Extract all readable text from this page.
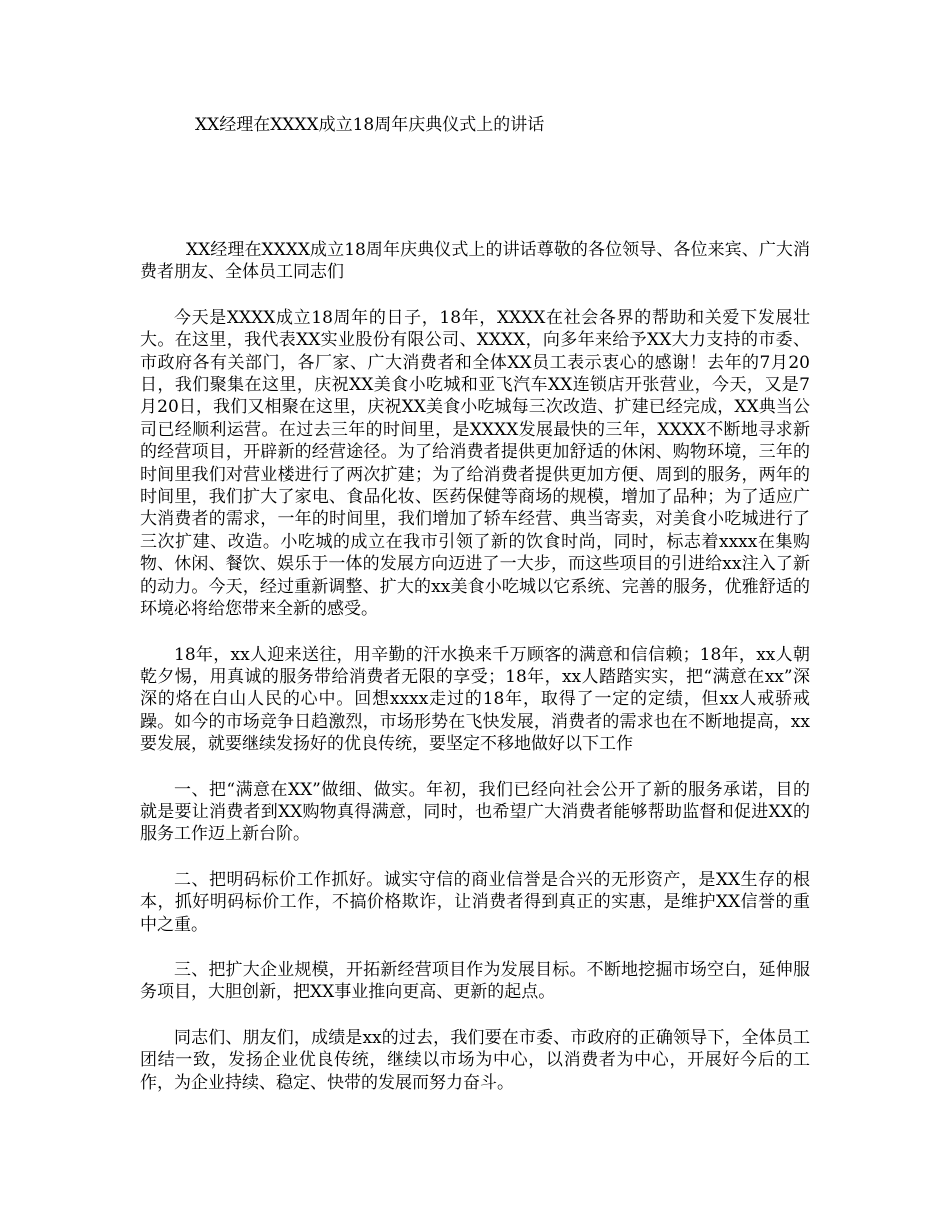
XX经理在XXXX成立18周年庆典仪式上的讲话

XX经理在XXXX成立18周年庆典仪式上的讲话尊敬的各位领导、各位来宾、广大消费者朋友、全体员工同志们

今天是XXXX成立18周年的日子，18年，XXXX在社会各界的帮助和关爱下发展壮大。在这里，我代表XX实业股份有限公司、XXXX，向多年来给予XX大力支持的市委、市政府各有关部门，各厂家、广大消费者和全体XX员工表示衷心的感谢！去年的7月20日，我们聚集在这里，庆祝XX美食小吃城和亚飞汽车XX连锁店开张营业，今天，又是7月20日，我们又相聚在这里，庆祝XX美食小吃城每三次改造、扩建已经完成，XX典当公司已经顺利运营。在过去三年的时间里，是XXXX发展最快的三年，XXXX不断地寻求新的经营项目，开辟新的经营途径。为了给消费者提供更加舒适的休闲、购物环境，三年的时间里我们对营业楼进行了两次扩建；为了给消费者提供更加方便、周到的服务，两年的时间里，我们扩大了家电、食品化妆、医药保健等商场的规模，增加了品种；为了适应广大消费者的需求，一年的时间里，我们增加了轿车经营、典当寄卖，对美食小吃城进行了三次扩建、改造。小吃城的成立在我市引领了新的饮食时尚，同时，标志着xxxx在集购物、休闲、餐饮、娱乐于一体的发展方向迈进了一大步，而这些项目的引进给xx注入了新的动力。今天，经过重新调整、扩大的xx美食小吃城以它系统、完善的服务，优雅舒适的环境必将给您带来全新的感受。

18年，xx人迎来送往，用辛勤的汗水换来千万顾客的满意和信信赖；18年，xx人朝乾夕惕，用真诚的服务带给消费者无限的享受；18年，xx人踏踏实实，把“满意在xx”深深的烙在白山人民的心中。回想xxxx走过的18年，取得了一定的定绩，但xx人戒骄戒躁。如今的市场竞争日趋激烈，市场形势在飞快发展，消费者的需求也在不断地提高，xx要发展，就要继续发扬好的优良传统，要坚定不移地做好以下工作

一、把“满意在XX”做细、做实。年初，我们已经向社会公开了新的服务承诺，目的就是要让消费者到XX购物真得满意，同时，也希望广大消费者能够帮助监督和促进XX的服务工作迈上新台阶。

二、把明码标价工作抓好。诚实守信的商业信誉是合兴的无形资产，是XX生存的根本，抓好明码标价工作，不搞价格欺诈，让消费者得到真正的实惠，是维护XX信誉的重中之重。

三、把扩大企业规模，开拓新经营项目作为发展目标。不断地挖掘市场空白，延伸服务项目，大胆创新，把XX事业推向更高、更新的起点。

同志们、朋友们，成绩是xx的过去，我们要在市委、市政府的正确领导下，全体员工团结一致，发扬企业优良传统，继续以市场为中心，以消费者为中心，开展好今后的工作，为企业持续、稳定、快带的发展而努力奋斗。
